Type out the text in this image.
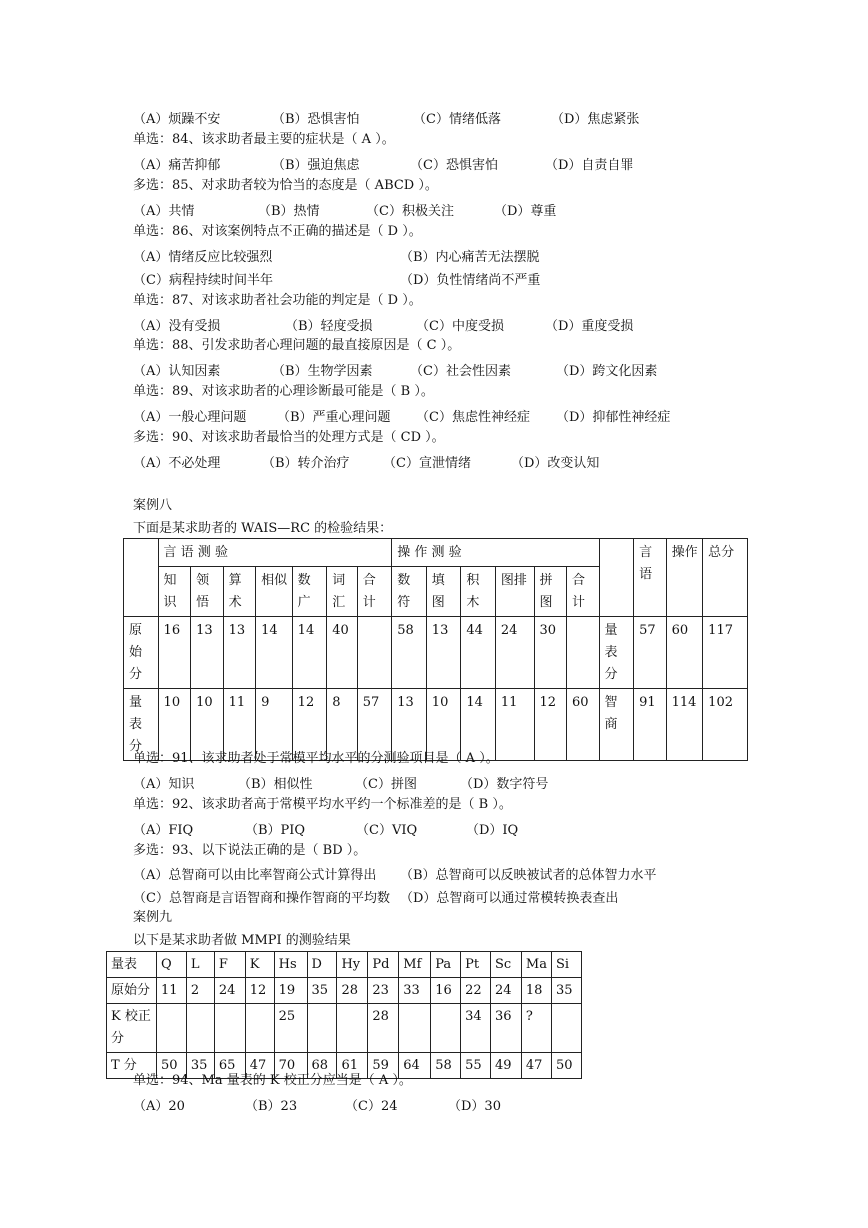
（A）烦躁不安	（B）恐惧害怕	（C）情绪低落	（D）焦虑紧张
单选：84、该求助者最主要的症状是（ A ）。
（A）痛苦抑郁	（B）强迫焦虑	（C）恐惧害怕	（D）自责自罪
多选：85、对求助者较为恰当的态度是（ ABCD ）。
（A）共情	（B）热情	（C）积极关注	（D）尊重
单选：86、对该案例特点不正确的描述是（ D ）。
（A）情绪反应比较强烈	（B）内心痛苦无法摆脱
（C）病程持续时间半年	（D）负性情绪尚不严重
单选：87、对该求助者社会功能的判定是（ D ）。
（A）没有受损	（B）轻度受损	（C）中度受损	（D）重度受损
单选：88、引发求助者心理问题的最直接原因是（ C ）。
（A）认知因素	（B）生物学因素	（C）社会性因素	（D）跨文化因素
单选：89、对该求助者的心理诊断最可能是（ B ）。
（A）一般心理问题 （B）严重心理问题 （C）焦虑性神经症 （D）抑郁性神经症
多选：90、对该求助者最恰当的处理方式是（ CD ）。
（A）不必处理	（B）转介治疗	（C）宣泄情绪	（D）改变认知
案例八
下面是某求助者的 WAIS—RC 的检验结果：
	言 语 测 验							操 作 测 验							言语	操作	总分
	知识	领悟	算术	相似	数广	词汇	合计	数符	填图	积木	图排	拼图	合计				
原始分	16	13	13	14	14	40		58	13	44	24	30		量表分	57	60	117
量表分	10	10	11	9	12	8	57	13	10	14	11	12	60	智商	91	114	102
单选：91、该求助者处于常模平均水平的分测验项目是（ A ）。
（A）知识	（B）相似性	（C）拼图	（D）数字符号
单选：92、该求助者高于常模平均水平约一个标准差的是（ B ）。
（A）FIQ	（B）PIQ	（C）VIQ	（D）IQ
多选：93、以下说法正确的是（ BD ）。
（A）总智商可以由比率智商公式计算得出 （B）总智商可以反映被试者的总体智力水平
（C）总智商是言语智商和操作智商的平均数 （D）总智商可以通过常模转换表查出
案例九
以下是某求助者做 MMPI 的测验结果
量表	Q	L	F	K	Hs	D	Hy	Pd	Mf	Pa	Pt	Sc	Ma	Si
原始分	11	2	24	12	19	35	28	23	33	16	22	24	18	35
K 校正分					25			28			34	36	?	
T 分	50	35	65	47	70	68	61	59	64	58	55	49	47	50
单选：94、Ma 量表的 K 校正分应当是（ A ）。
（A）20	（B）23	（C）24	（D）30
